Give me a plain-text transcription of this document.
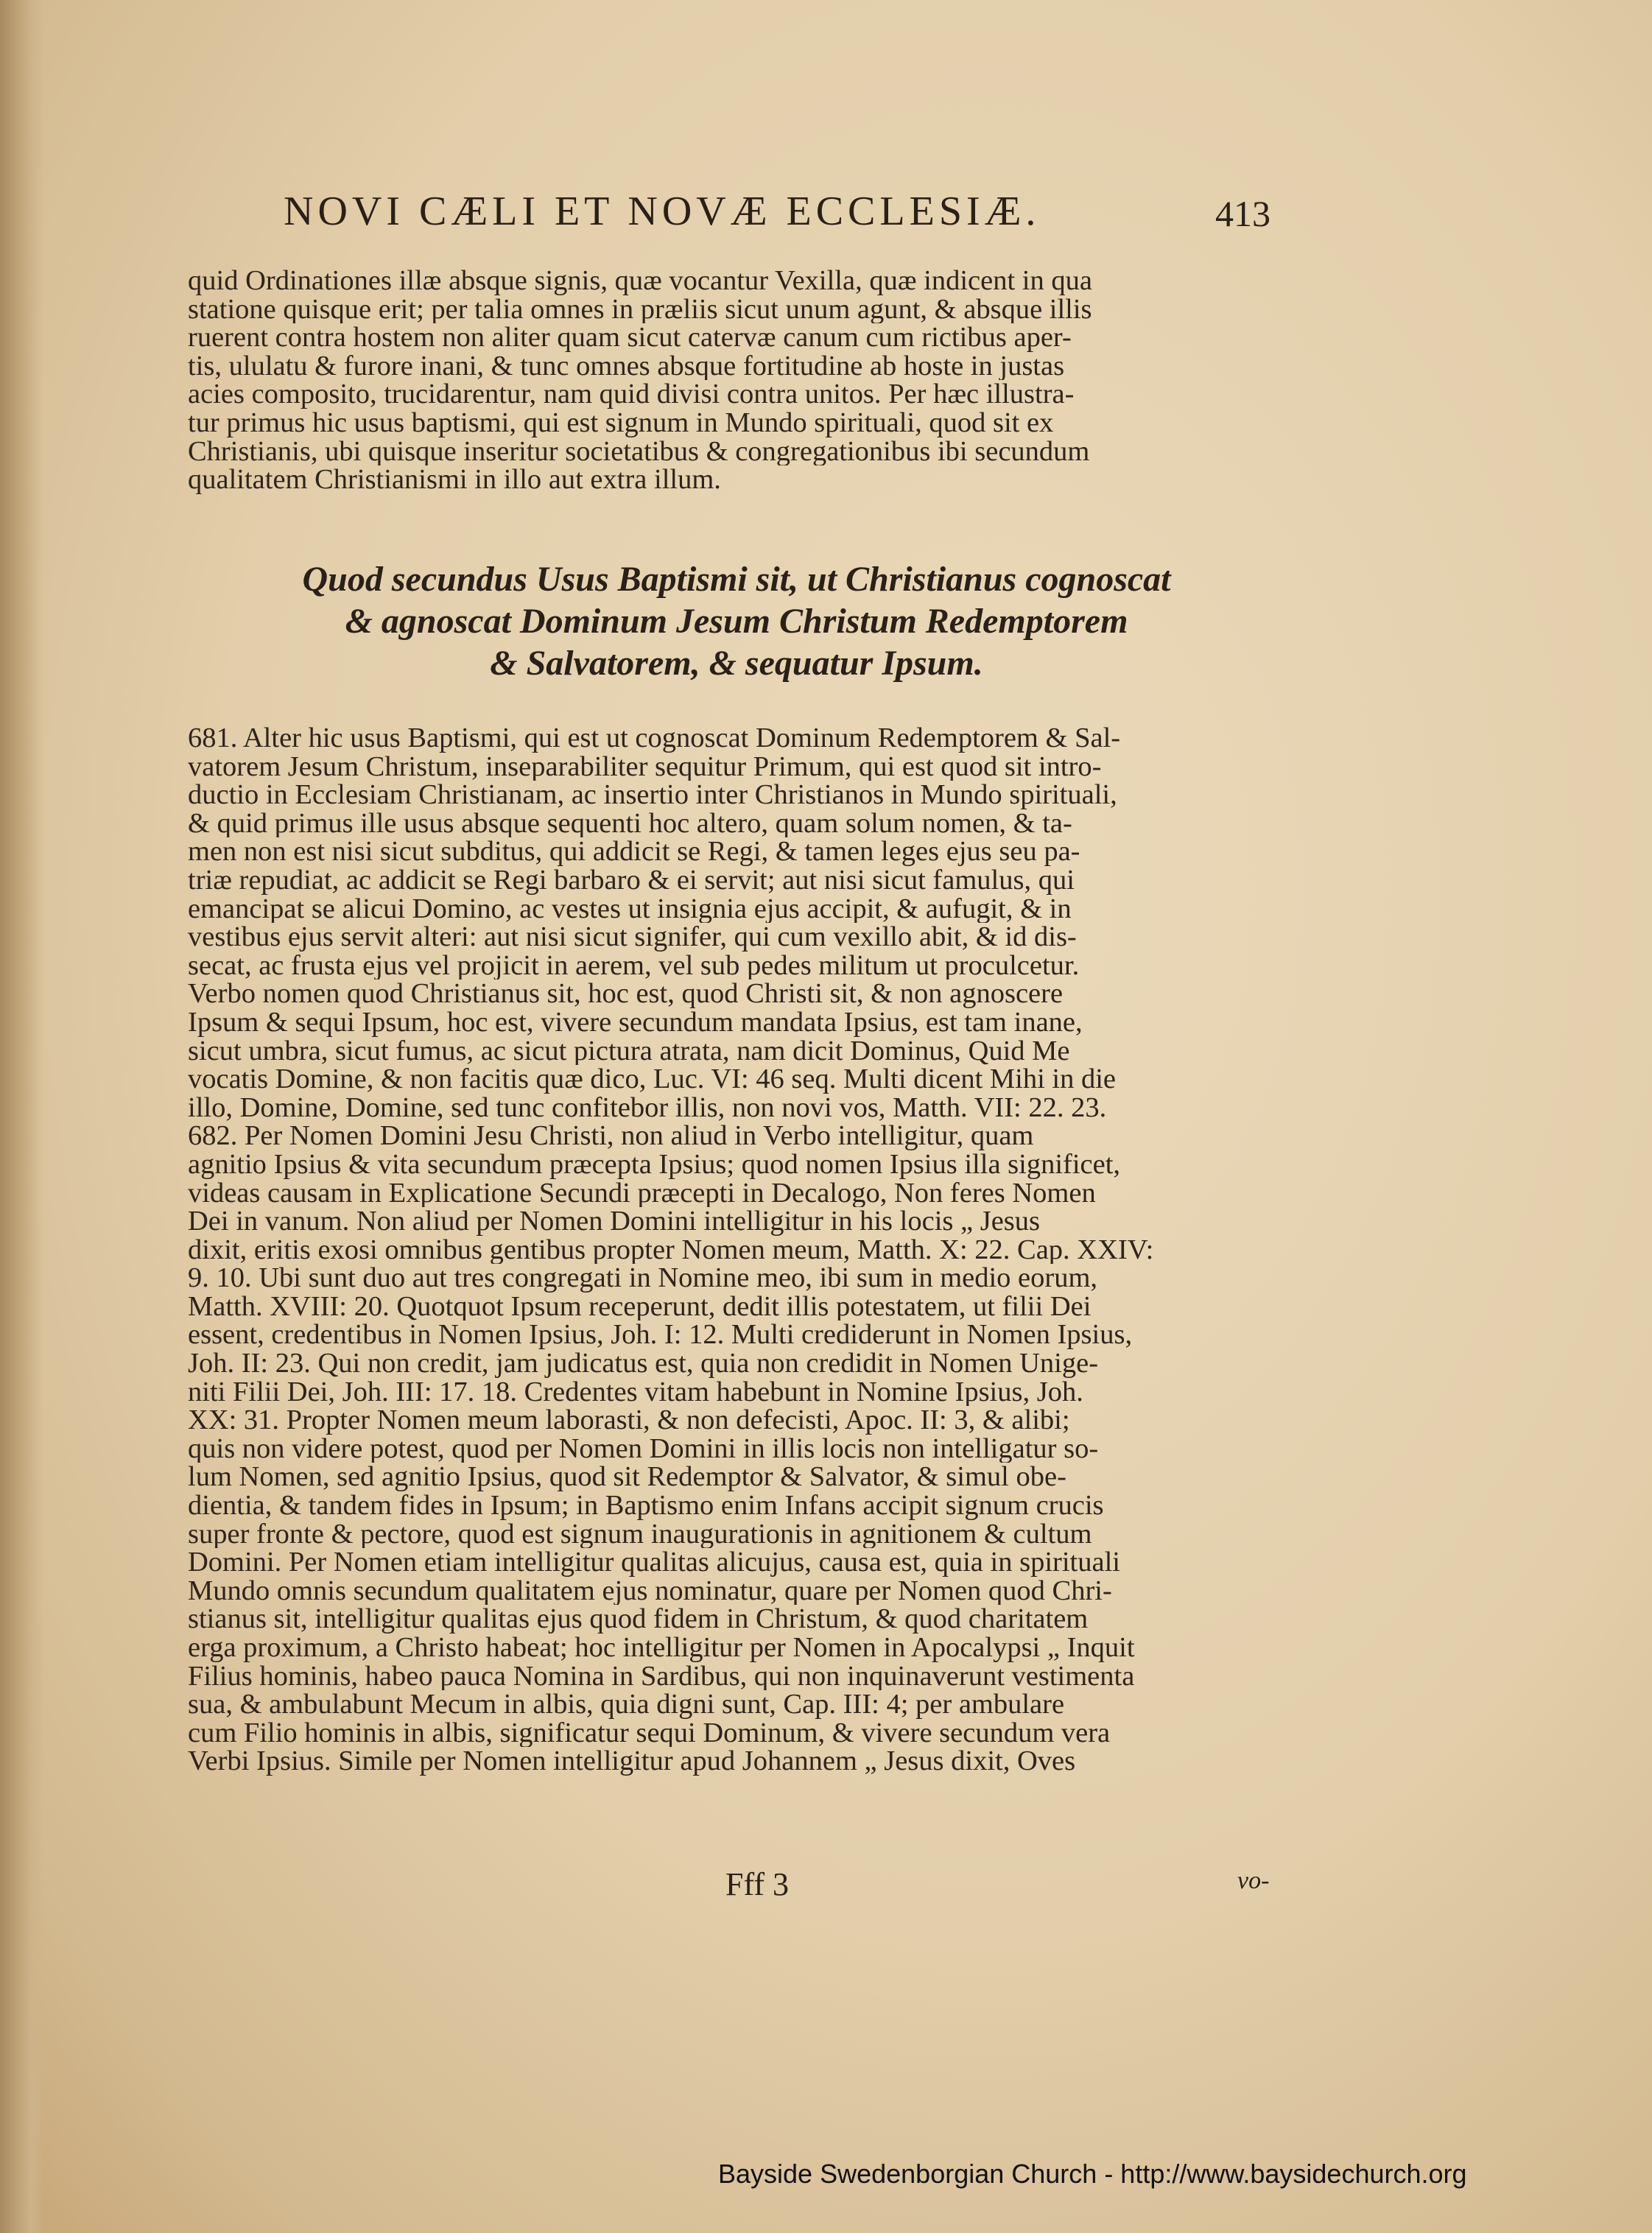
NOVI CÆLI ET NOVÆ ECCLESIÆ.	413
quid Ordinationes illæ absque signis, quæ vocantur Vexilla, quæ indicent in qua
statione quisque erit; per talia omnes in præliis sicut unum agunt, & absque illis
ruerent contra hostem non aliter quam sicut catervæ canum cum rictibus aper-
tis, ululatu & furore inani, & tunc omnes absque fortitudine ab hoste in justas
acies composito, trucidarentur, nam quid divisi contra unitos. Per hæc illustra-
tur primus hic usus baptismi, qui est signum in Mundo spirituali, quod sit ex
Christianis, ubi quisque inseritur societatibus & congregationibus ibi secundum
qualitatem Christianismi in illo aut extra illum.
Quod secundus Usus Baptismi sit, ut Christianus cognoscat
& agnoscat Dominum Jesum Christum Redemptorem
& Salvatorem, & sequatur Ipsum.
681. Alter hic usus Baptismi, qui est ut cognoscat Dominum Redemptorem & Sal-
vatorem Jesum Christum, inseparabiliter sequitur Primum, qui est quod sit intro-
ductio in Ecclesiam Christianam, ac insertio inter Christianos in Mundo spirituali,
& quid primus ille usus absque sequenti hoc altero, quam solum nomen, & ta-
men non est nisi sicut subditus, qui addicit se Regi, & tamen leges ejus seu pa-
triæ repudiat, ac addicit se Regi barbaro & ei servit; aut nisi sicut famulus, qui
emancipat se alicui Domino, ac vestes ut insignia ejus accipit, & aufugit, & in
vestibus ejus servit alteri: aut nisi sicut signifer, qui cum vexillo abit, & id dis-
secat, ac frusta ejus vel projicit in aerem, vel sub pedes militum ut proculcetur.
Verbo nomen quod Christianus sit, hoc est, quod Christi sit, & non agnoscere
Ipsum & sequi Ipsum, hoc est, vivere secundum mandata Ipsius, est tam inane,
sicut umbra, sicut fumus, ac sicut pictura atrata, nam dicit Dominus, Quid Me
vocatis Domine, & non facitis quæ dico, Luc. VI: 46 seq. Multi dicent Mihi in die
illo, Domine, Domine, sed tunc confitebor illis, non novi vos, Matth. VII: 22. 23.
682. Per Nomen Domini Jesu Christi, non aliud in Verbo intelligitur, quam
agnitio Ipsius & vita secundum præcepta Ipsius; quod nomen Ipsius illa significet,
videas causam in Explicatione Secundi præcepti in Decalogo, Non feres Nomen
Dei in vanum. Non aliud per Nomen Domini intelligitur in his locis „ Jesus
dixit, eritis exosi omnibus gentibus propter Nomen meum, Matth. X: 22. Cap. XXIV:
9. 10. Ubi sunt duo aut tres congregati in Nomine meo, ibi sum in medio eorum,
Matth. XVIII: 20. Quotquot Ipsum receperunt, dedit illis potestatem, ut filii Dei
essent, credentibus in Nomen Ipsius, Joh. I: 12. Multi crediderunt in Nomen Ipsius,
Joh. II: 23. Qui non credit, jam judicatus est, quia non credidit in Nomen Unige-
niti Filii Dei, Joh. III: 17. 18. Credentes vitam habebunt in Nomine Ipsius, Joh.
XX: 31. Propter Nomen meum laborasti, & non defecisti, Apoc. II: 3, & alibi;
quis non videre potest, quod per Nomen Domini in illis locis non intelligatur so-
lum Nomen, sed agnitio Ipsius, quod sit Redemptor & Salvator, & simul obe-
dientia, & tandem fides in Ipsum; in Baptismo enim Infans accipit signum crucis
super fronte & pectore, quod est signum inaugurationis in agnitionem & cultum
Domini. Per Nomen etiam intelligitur qualitas alicujus, causa est, quia in spirituali
Mundo omnis secundum qualitatem ejus nominatur, quare per Nomen quod Chri-
stianus sit, intelligitur qualitas ejus quod fidem in Christum, & quod charitatem
erga proximum, a Christo habeat; hoc intelligitur per Nomen in Apocalypsi „ Inquit
Filius hominis, habeo pauca Nomina in Sardibus, qui non inquinaverunt vestimenta
sua, & ambulabunt Mecum in albis, quia digni sunt, Cap. III: 4; per ambulare
cum Filio hominis in albis, significatur sequi Dominum, & vivere secundum vera
Verbi Ipsius. Simile per Nomen intelligitur apud Johannem „ Jesus dixit, Oves
Fff 3	vo-
Bayside Swedenborgian Church - http://www.baysidechurch.org
